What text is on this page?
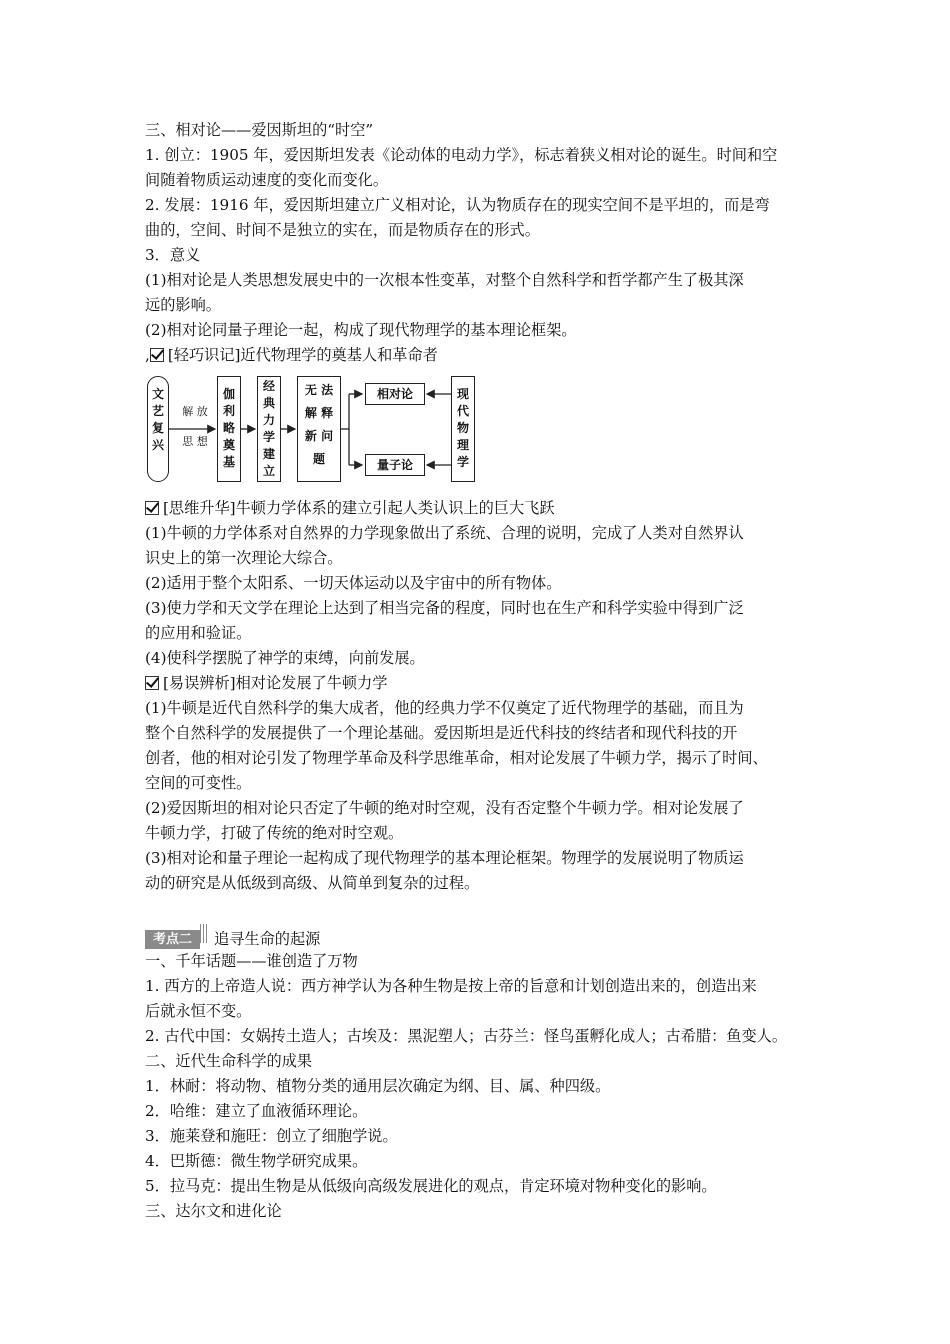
三、相对论——爱因斯坦的“时空”
1. 创立：1905 年，爱因斯坦发表《论动体的电动力学》，标志着狭义相对论的诞生。时间和空
间随着物质运动速度的变化而变化。
2. 发展：1916 年，爱因斯坦建立广义相对论，认为物质存在的现实空间不是平坦的，而是弯
曲的，空间、时间不是独立的实在，而是物质存在的形式。
3．意义
(1)相对论是人类思想发展史中的一次根本性变革，对整个自然科学和哲学都产生了极其深
远的影响。
(2)相对论同量子理论一起，构成了现代物理学的基本理论框架。
, [轻巧识记]近代物理学的奠基人和革命者
文艺复兴
解 放
思 想
伽利略奠基
经典力学建立
无 法
解 释
新 问
题
相对论
量子论
现代物理学
[思维升华]牛顿力学体系的建立引起人类认识上的巨大飞跃
(1)牛顿的力学体系对自然界的力学现象做出了系统、合理的说明，完成了人类对自然界认
识史上的第一次理论大综合。
(2)适用于整个太阳系、一切天体运动以及宇宙中的所有物体。
(3)使力学和天文学在理论上达到了相当完备的程度，同时也在生产和科学实验中得到广泛
的应用和验证。
(4)使科学摆脱了神学的束缚，向前发展。
[易误辨析]相对论发展了牛顿力学
(1)牛顿是近代自然科学的集大成者，他的经典力学不仅奠定了近代物理学的基础，而且为
整个自然科学的发展提供了一个理论基础。爱因斯坦是近代科技的终结者和现代科技的开
创者，他的相对论引发了物理学革命及科学思维革命，相对论发展了牛顿力学，揭示了时间、
空间的可变性。
(2)爱因斯坦的相对论只否定了牛顿的绝对时空观，没有否定整个牛顿力学。相对论发展了
牛顿力学，打破了传统的绝对时空观。
(3)相对论和量子理论一起构成了现代物理学的基本理论框架。物理学的发展说明了物质运
动的研究是从低级到高级、从简单到复杂的过程。
考点二 追寻生命的起源
一、千年话题——谁创造了万物
1. 西方的上帝造人说：西方神学认为各种生物是按上帝的旨意和计划创造出来的，创造出来
后就永恒不变。
2. 古代中国：女娲抟土造人；古埃及：黑泥塑人；古芬兰：怪鸟蛋孵化成人；古希腊：鱼变人。
二、近代生命科学的成果
1．林耐：将动物、植物分类的通用层次确定为纲、目、属、种四级。
2．哈维：建立了血液循环理论。
3．施莱登和施旺：创立了细胞学说。
4．巴斯德：微生物学研究成果。
5．拉马克：提出生物是从低级向高级发展进化的观点，肯定环境对物种变化的影响。
三、达尔文和进化论
